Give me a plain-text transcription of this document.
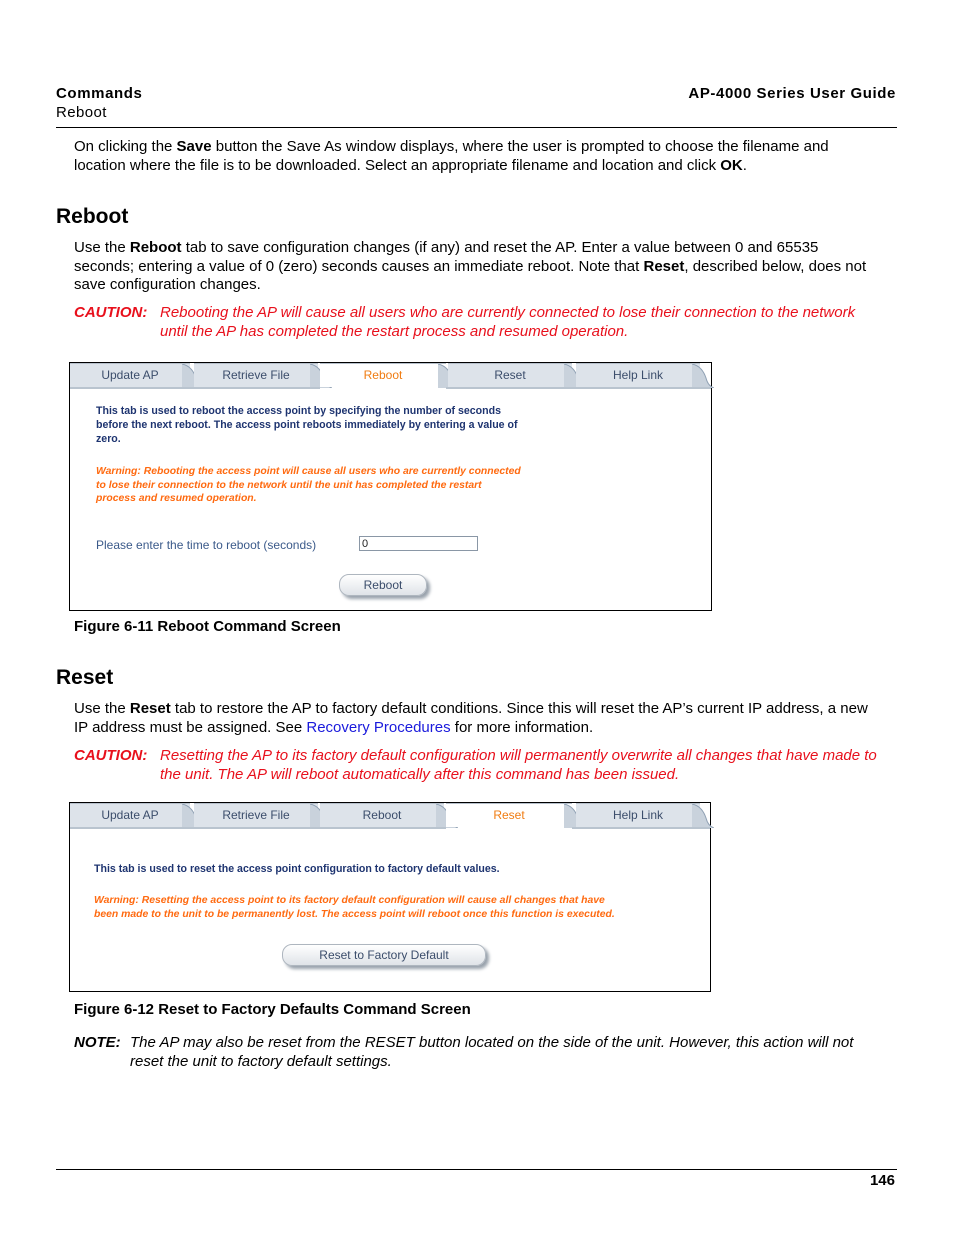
Commands
Reboot
AP-4000 Series User Guide
On clicking the Save button the Save As window displays, where the user is prompted to choose the filename and
location where the file is to be downloaded. Select an appropriate filename and location and click OK.
Reboot
Use the Reboot tab to save configuration changes (if any) and reset the AP. Enter a value between 0 and 65535
seconds; entering a value of 0 (zero) seconds causes an immediate reboot. Note that Reset, described below, does not
save configuration changes.
CAUTION: Rebooting the AP will cause all users who are currently connected to lose their connection to the network
until the AP has completed the restart process and resumed operation.
Update AP	Retrieve File	Reboot	Reset	Help Link
This tab is used to reboot the access point by specifying the number of seconds
before the next reboot. The access point reboots immediately by entering a value of
zero.
Warning: Rebooting the access point will cause all users who are currently connected
to lose their connection to the network until the unit has completed the restart
process and resumed operation.
Please enter the time to reboot (seconds)
0
Reboot
Figure 6-11 Reboot Command Screen
Reset
Use the Reset tab to restore the AP to factory default conditions. Since this will reset the AP’s current IP address, a new
IP address must be assigned. See Recovery Procedures for more information.
CAUTION: Resetting the AP to its factory default configuration will permanently overwrite all changes that have made to
the unit. The AP will reboot automatically after this command has been issued.
Update AP	Retrieve File	Reboot	Reset	Help Link
This tab is used to reset the access point configuration to factory default values.
Warning: Resetting the access point to its factory default configuration will cause all changes that have
been made to the unit to be permanently lost. The access point will reboot once this function is executed.
Reset to Factory Default
Figure 6-12 Reset to Factory Defaults Command Screen
NOTE: The AP may also be reset from the RESET button located on the side of the unit. However, this action will not
reset the unit to factory default settings.
146
